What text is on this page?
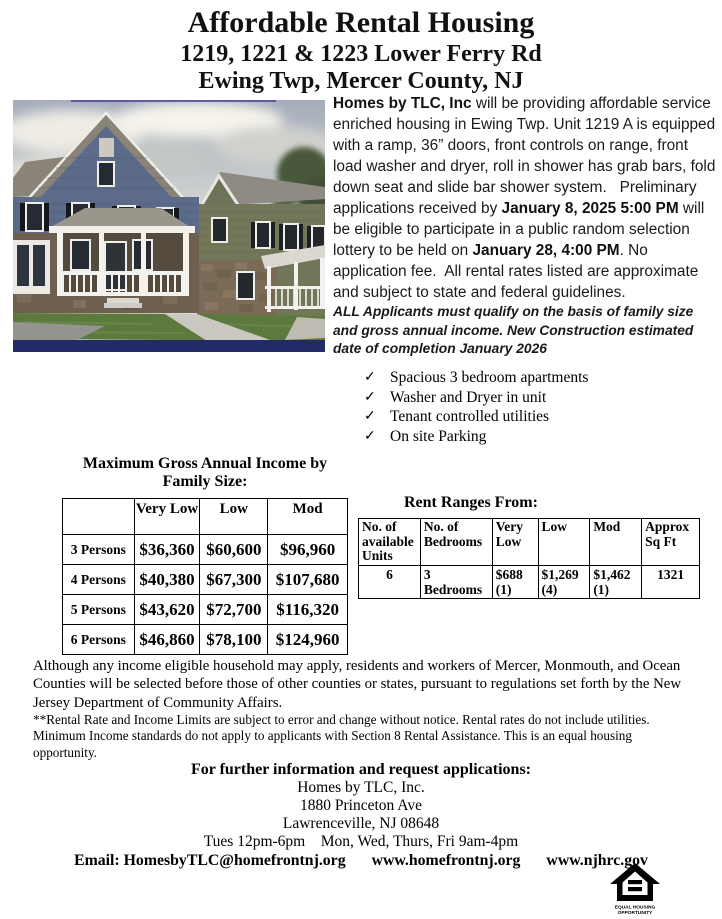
Affordable Rental Housing
1219, 1221 & 1223 Lower Ferry Rd
Ewing Twp, Mercer County, NJ
Homes by TLC, Inc will be providing affordable service enriched housing in Ewing Twp. Unit 1219 A is equipped with a ramp, 36” doors, front controls on range, front load washer and dryer, roll in shower has grab bars, fold down seat and slide bar shower system.   Preliminary applications received by January 8, 2025 5:00 PM will be eligible to participate in a public random selection lottery to be held on January 28, 4:00 PM. No application fee.  All rental rates listed are approximate and subject to state and federal guidelines.
ALL Applicants must qualify on the basis of family size and gross annual income. New Construction estimated date of completion January 2026
✓ Spacious 3 bedroom apartments
✓ Washer and Dryer in unit
✓ Tenant controlled utilities
✓ On site Parking
Maximum Gross Annual Income by Family Size:
	Very Low	Low	Mod
3 Persons	$36,360	$60,600	$96,960
4 Persons	$40,380	$67,300	$107,680
5 Persons	$43,620	$72,700	$116,320
6 Persons	$46,860	$78,100	$124,960
Rent Ranges From:
No. of available Units	No. of Bedrooms	Very Low	Low	Mod	Approx Sq Ft
6	3 Bedrooms	$688 (1)	$1,269 (4)	$1,462 (1)	1321

Although any income eligible household may apply, residents and workers of Mercer, Monmouth, and Ocean Counties will be selected before those of other counties or states, pursuant to regulations set forth by the New Jersey Department of Community Affairs.

**Rental Rate and Income Limits are subject to error and change without notice. Rental rates do not include utilities. Minimum Income standards do not apply to applicants with Section 8 Rental Assistance. This is an equal housing opportunity.

For further information and request applications:
Homes by TLC, Inc.
1880 Princeton Ave
Lawrenceville, NJ 08648
Tues 12pm-6pm    Mon, Wed, Thurs, Fri 9am-4pm
Email: HomesbyTLC@homefrontnj.org www.homefrontnj.org www.njhrc.gov
EQUAL HOUSING
OPPORTUNITY
